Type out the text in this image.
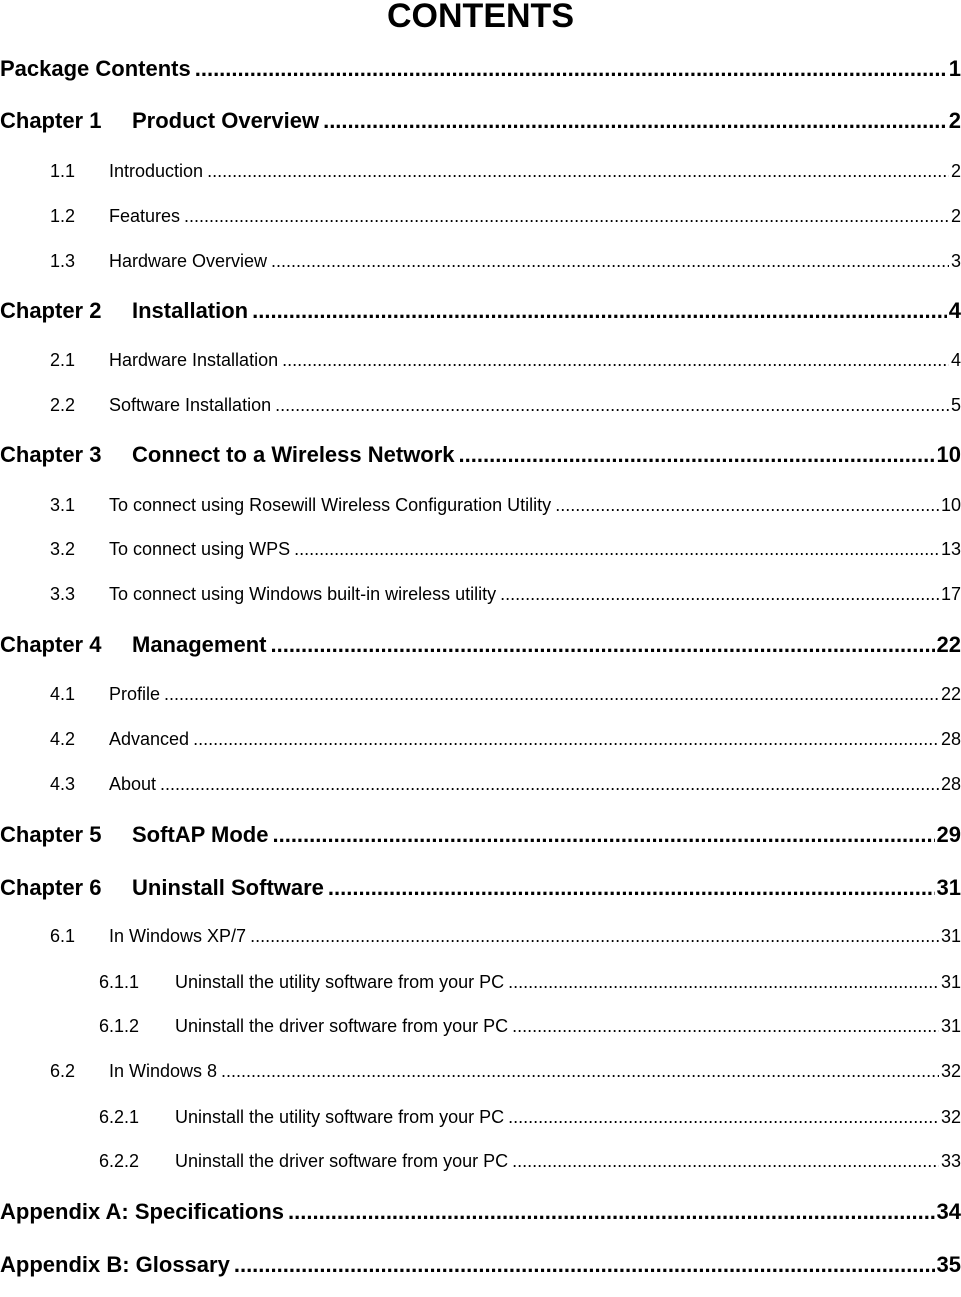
CONTENTS
Package Contents .....	1
Chapter 1	Product Overview .....	2
1.1	Introduction .....	2
1.2	Features .....	2
1.3	Hardware Overview .....	3
Chapter 2	Installation .....	4
2.1	Hardware Installation .....	4
2.2	Software Installation .....	5
Chapter 3	Connect to a Wireless Network .....	10
3.1	To connect using Rosewill Wireless Configuration Utility .....	10
3.2	To connect using WPS .....	13
3.3	To connect using Windows built-in wireless utility .....	17
Chapter 4	Management .....	22
4.1	Profile .....	22
4.2	Advanced .....	28
4.3	About .....	28
Chapter 5	SoftAP Mode .....	29
Chapter 6	Uninstall Software .....	31
6.1	In Windows XP/7 .....	31
6.1.1	Uninstall the utility software from your PC .....	31
6.1.2	Uninstall the driver software from your PC .....	31
6.2	In Windows 8 .....	32
6.2.1	Uninstall the utility software from your PC .....	32
6.2.2	Uninstall the driver software from your PC .....	33
Appendix A: Specifications .....	34
Appendix B: Glossary .....	35
